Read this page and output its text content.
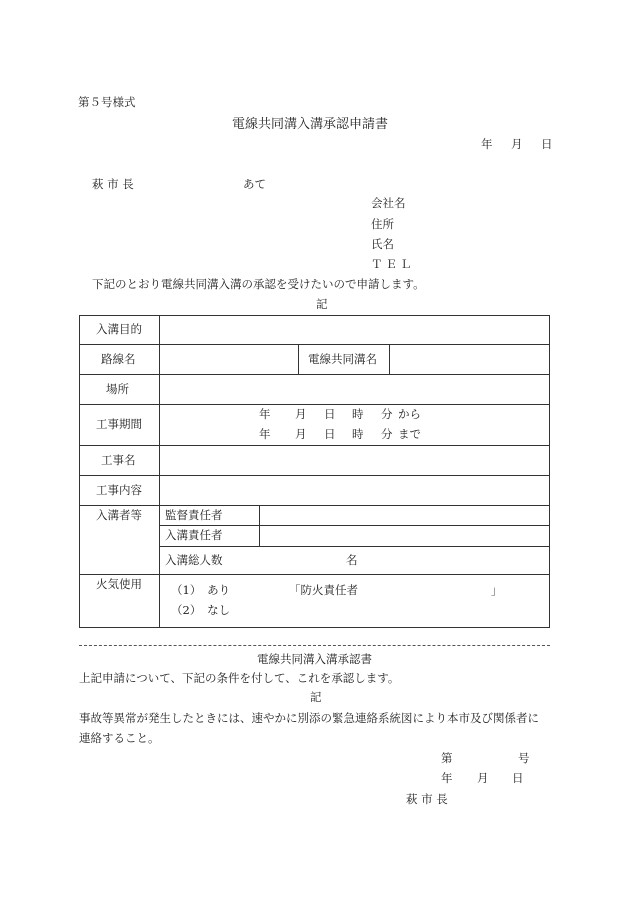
第５号様式
電線共同溝入溝承認申請書
年 月 日
萩 市 長	あて
会社名
住所
氏名
ＴＥＬ
下記のとおり電線共同溝入溝の承認を受けたいので申請します。
記
入溝目的
路線名	電線共同溝名
場所
工事期間
年 月 日 時 分 から
年 月 日 時 分 まで
工事名
工事内容
入溝者等 監督責任者
入溝責任者
入溝総人数	名
火気使用	（1）　あり	「防火責任者	」
（2）　なし
電線共同溝入溝承認書
上記申請について、下記の条件を付して、これを承認します。
記
事故等異常が発生したときには、速やかに別添の緊急連絡系統図により本市及び関係者に
連絡すること。
第	号
年 月 日
萩 市 長
